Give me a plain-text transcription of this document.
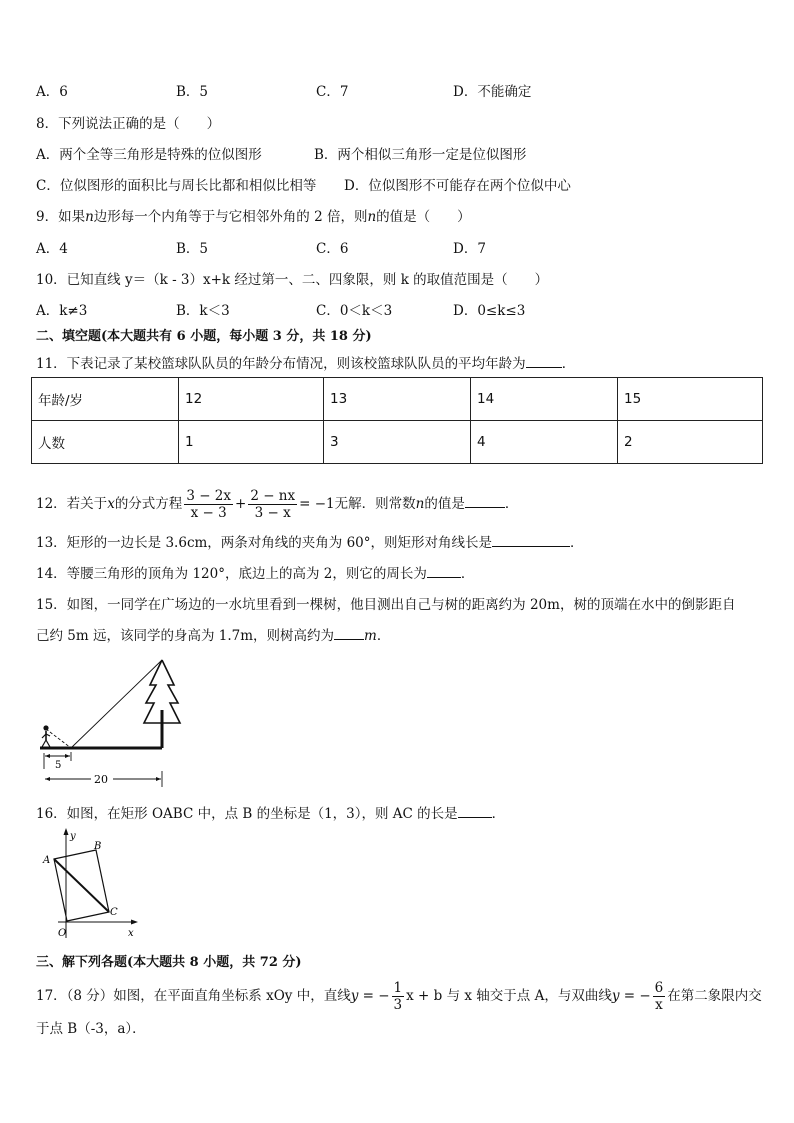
A．6	B．5	C．7	D．不能确定
8．下列说法正确的是（　　）
A．两个全等三角形是特殊的位似图形	B．两个相似三角形一定是位似图形
C．位似图形的面积比与周长比都和相似比相等 D．位似图形不可能存在两个位似中心
9．如果n边形每一个内角等于与它相邻外角的 2 倍，则n的值是（　　）
A．4	B．5	C．6	D．7
10．已知直线 y＝（k - 3）x+k 经过第一、二、四象限，则 k 的取值范围是（　　）
A．k≠3	B．k＜3	C．0＜k＜3	D．0≤k≤3
二、填空题(本大题共有 6 小题，每小题 3 分，共 18 分)
11．下表记录了某校篮球队队员的年龄分布情况，则该校篮球队队员的平均年龄为	．
年龄/岁	12	13	14	15
人数	1	3	4	2
12．若关于x的分式方程 $\frac{3 - 2x}{x - 3} + \frac{2 - nx}{3 - x} = -1$无解．则常数n的值是	．
13．矩形的一边长是 3.6cm，两条对角线的夹角为 60°，则矩形对角线长是	．
14．等腰三角形的顶角为 120°，底边上的高为 2，则它的周长为	．
15．如图，一同学在广场边的一水坑里看到一棵树，他目测出自己与树的距离约为 20m，树的顶端在水中的倒影距自
己约 5m 远，该同学的身高为 1.7m，则树高约为 m．
5
20
16．如图，在矩形 OABC 中，点 B 的坐标是（1，3），则 AC 的长是	．
y
x
O
A
B
C
三、解下列各题(本大题共 8 小题，共 72 分)
17．（8 分）如图，在平面直角坐标系 xOy 中，直线y = − $\frac{1}{3}$ x + b 与 x 轴交于点 A，与双曲线y = − $\frac{6}{x}$ 在第二象限内交
于点 B（-3，a）．
